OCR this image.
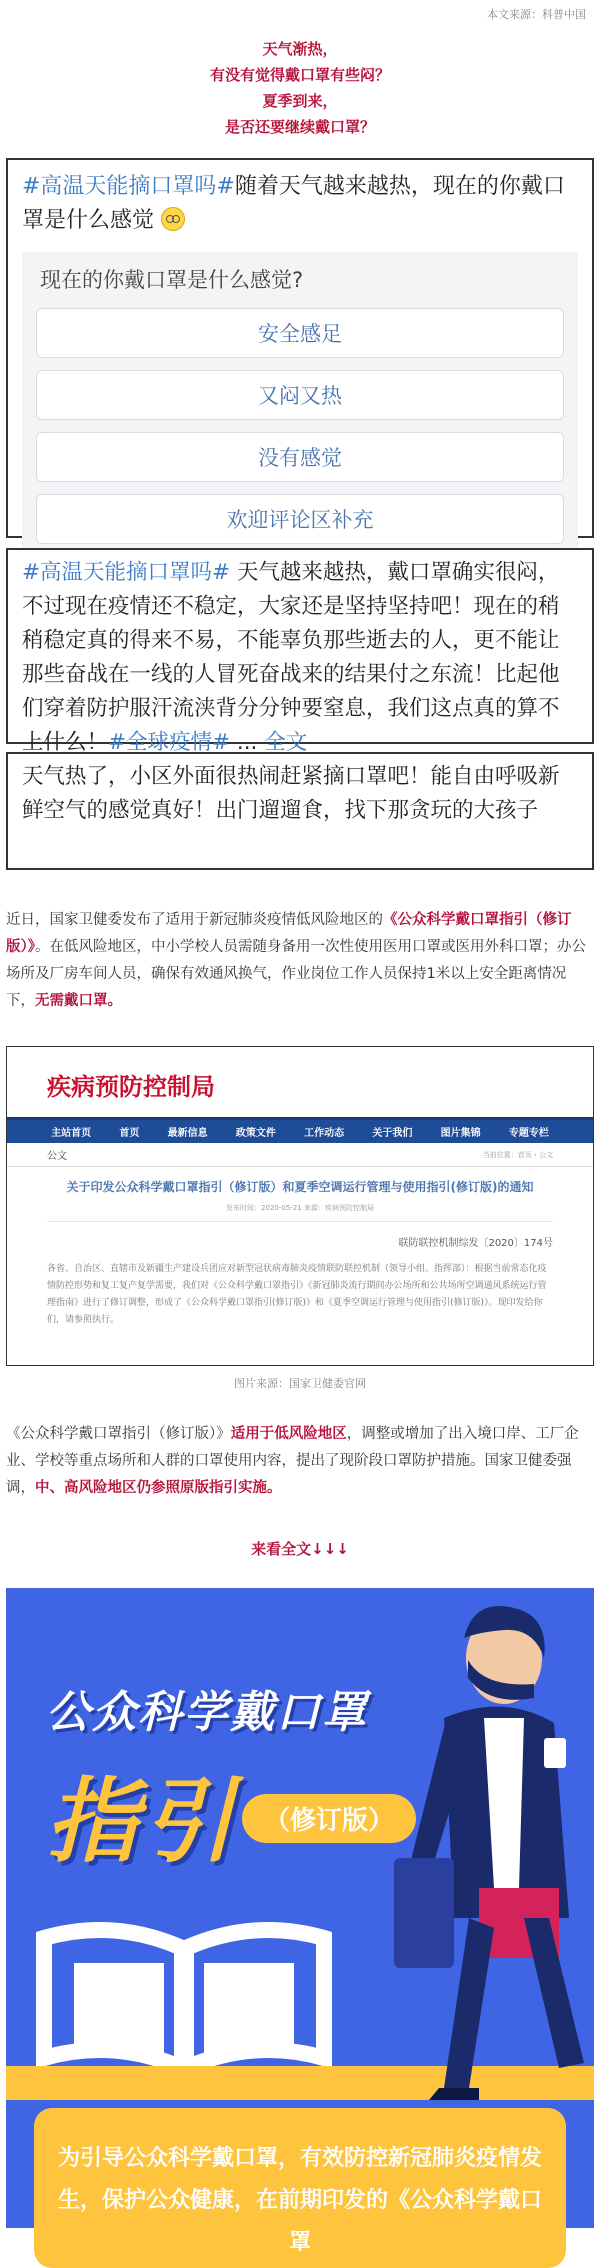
本文来源：科普中国
天气渐热，
有没有觉得戴口罩有些闷？
夏季到来，
是否还要继续戴口罩？
#高温天能摘口罩吗#随着天气越来越热，现在的你戴口罩是什么感觉
现在的你戴口罩是什么感觉?
安全感足
又闷又热
没有感觉
欢迎评论区补充
#高温天能摘口罩吗# 天气越来越热，戴口罩确实很闷，不过现在疫情还不稳定，大家还是坚持坚持吧！现在的稍稍稳定真的得来不易，不能辜负那些逝去的人，更不能让那些奋战在一线的人冒死奋战来的结果付之东流！比起他们穿着防护服汗流浃背分分钟要窒息，我们这点真的算不上什么！#全球疫情# ... 全文
天气热了，小区外面很热闹赶紧摘口罩吧！能自由呼吸新鲜空气的感觉真好！出门遛遛食，找下那贪玩的大孩子
近日，国家卫健委发布了适用于新冠肺炎疫情低风险地区的《公众科学戴口罩指引（修订版）》。在低风险地区，中小学校人员需随身备用一次性使用医用口罩或医用外科口罩；办公场所及厂房车间人员，确保有效通风换气，作业岗位工作人员保持1米以上安全距离情况下，无需戴口罩。
疾病预防控制局
主站首页	首页	最新信息	政策文件	工作动态	关于我们	图片集锦	专题专栏
公文	当前位置：首页 › 公文
关于印发公众科学戴口罩指引（修订版）和夏季空调运行管理与使用指引(修订版)的通知
发布时间：2020-05-21 来源：疾病预防控制局
联防联控机制综发〔2020〕174号
各省、自治区、直辖市及新疆生产建设兵团应对新型冠状病毒肺炎疫情联防联控机制（领导小组、指挥部）：根据当前常态化疫情防控形势和复工复产复学需要，我们对《公众科学戴口罩指引》《新冠肺炎流行期间办公场所和公共场所空调通风系统运行管理指南》进行了修订调整，形成了《公众科学戴口罩指引(修订版)》和《夏季空调运行管理与使用指引(修订版)》。现印发给你们，请参照执行。
图片来源：国家卫健委官网
《公众科学戴口罩指引（修订版）》适用于低风险地区，调整或增加了出入境口岸、工厂企业、学校等重点场所和人群的口罩使用内容，提出了现阶段口罩防护措施。国家卫健委强调，中、高风险地区仍参照原版指引实施。
来看全文↓↓↓
公众科学戴口罩
指引 （修订版）
为引导公众科学戴口罩，有效防控新冠肺炎疫情发生，保护公众健康，在前期印发的《公众科学戴口罩
